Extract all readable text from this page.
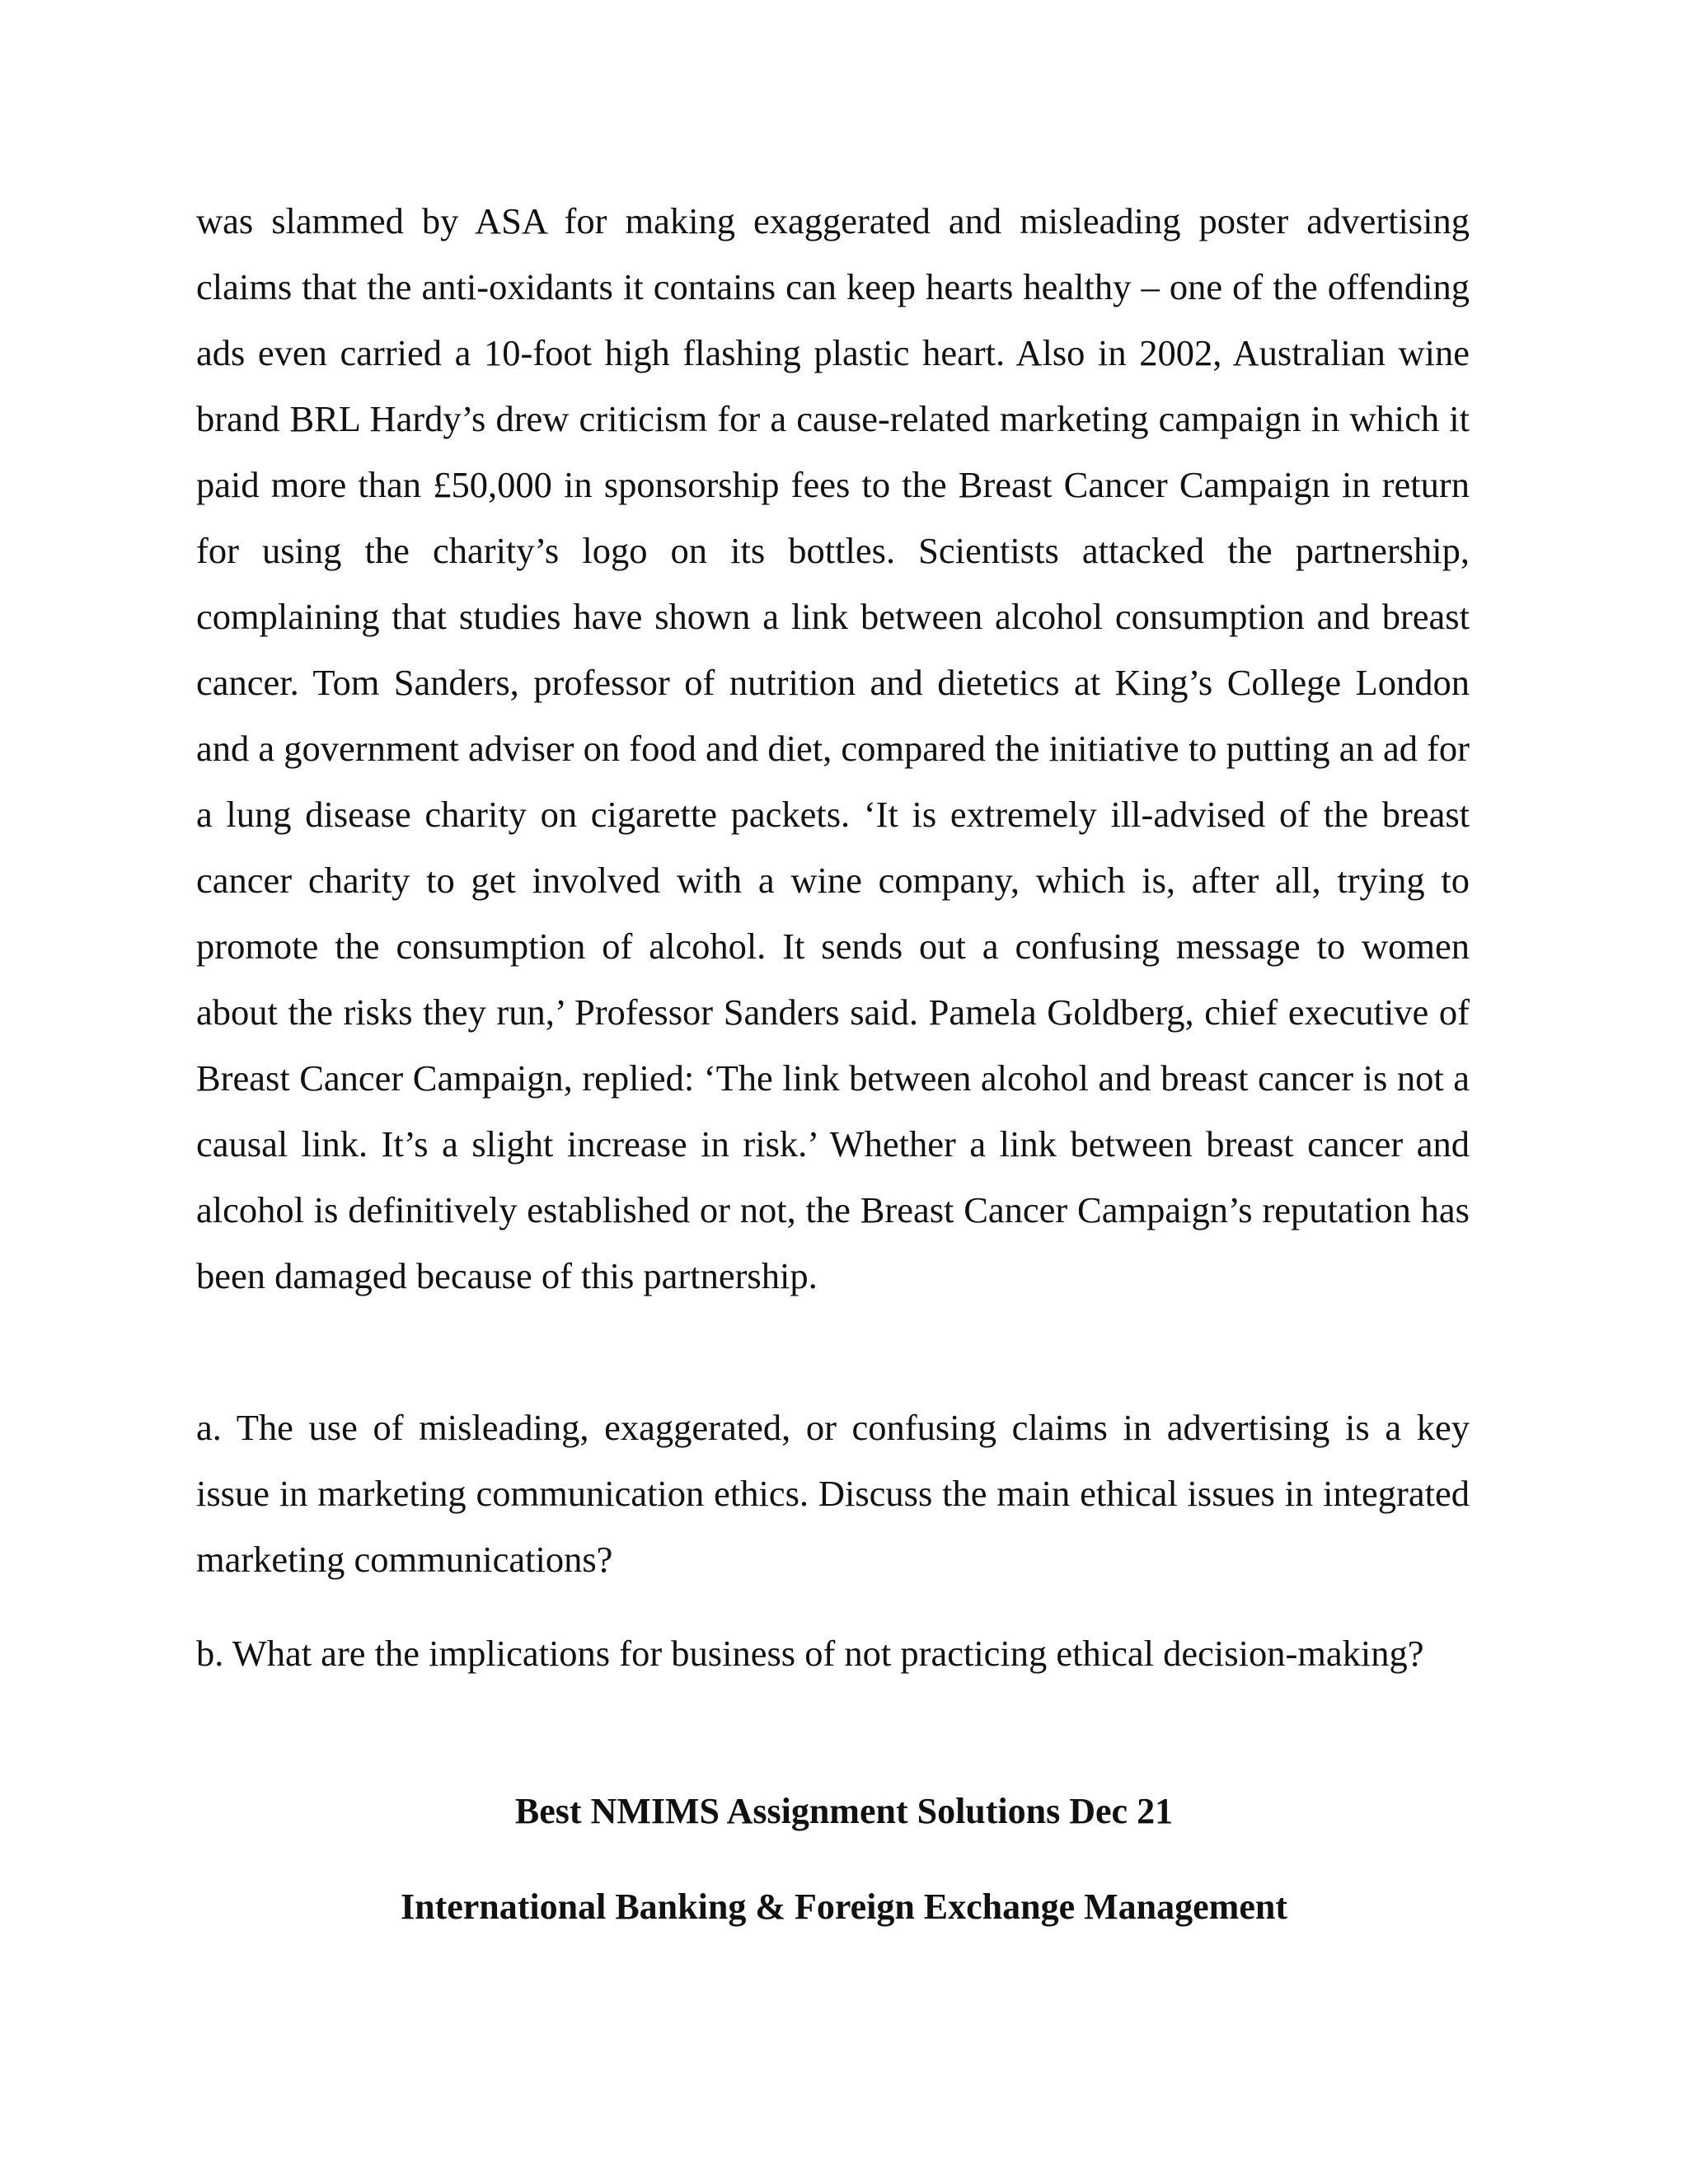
was slammed by ASA for making exaggerated and misleading poster advertising claims that the anti-oxidants it contains can keep hearts healthy – one of the offending ads even carried a 10-foot high flashing plastic heart. Also in 2002, Australian wine brand BRL Hardy’s drew criticism for a cause-related marketing campaign in which it paid more than £50,000 in sponsorship fees to the Breast Cancer Campaign in return for using the charity’s logo on its bottles. Scientists attacked the partnership, complaining that studies have shown a link between alcohol consumption and breast cancer. Tom Sanders, professor of nutrition and dietetics at King’s College London and a government adviser on food and diet, compared the initiative to putting an ad for a lung disease charity on cigarette packets. ‘It is extremely ill-advised of the breast cancer charity to get involved with a wine company, which is, after all, trying to promote the consumption of alcohol. It sends out a confusing message to women about the risks they run,’ Professor Sanders said. Pamela Goldberg, chief executive of Breast Cancer Campaign, replied: ‘The link between alcohol and breast cancer is not a causal link. It’s a slight increase in risk.’ Whether a link between breast cancer and alcohol is definitively established or not, the Breast Cancer Campaign’s reputation has been damaged because of this partnership.

a. The use of misleading, exaggerated, or confusing claims in advertising is a key issue in marketing communication ethics. Discuss the main ethical issues in integrated marketing communications?

b. What are the implications for business of not practicing ethical decision-making?

Best NMIMS Assignment Solutions Dec 21

International Banking & Foreign Exchange Management
